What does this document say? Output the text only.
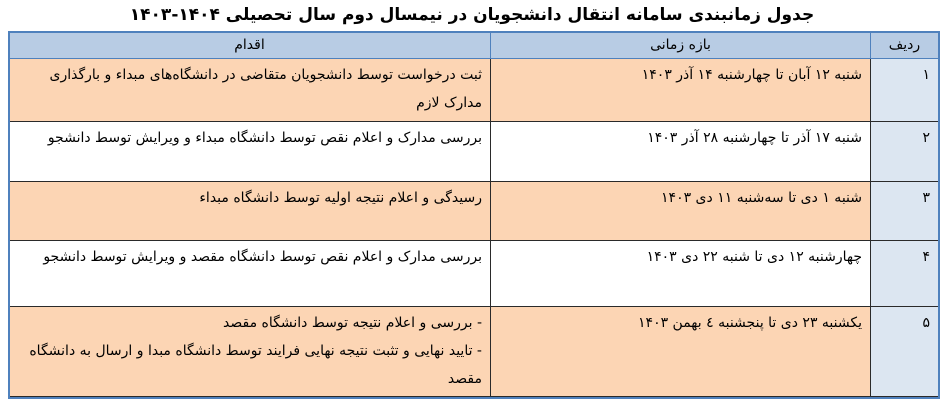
جدول زمانبندی سامانه انتقال دانشجویان در نیمسال دوم سال تحصیلی ۱۴۰۴-۱۴۰۳
ردیف	بازه زمانی	اقدام
۱	شنبه ۱۲ آبان تا چهارشنبه ۱۴ آذر ۱۴۰۳	ثبت درخواست توسط دانشجویان متقاضی در دانشگاه‌های مبداء و بارگذاری مدارک لازم
۲	شنبه ۱۷ آذر تا چهارشنبه ۲۸ آذر ۱۴۰۳	بررسی مدارک و اعلام نقص توسط دانشگاه مبداء و ویرایش توسط دانشجو
۳	شنبه ۱ دی تا سه‌شنبه ۱۱ دی ۱۴۰۳	رسیدگی و اعلام نتیجه اولیه توسط دانشگاه مبداء
۴	چهارشنبه ۱۲ دی تا شنبه ۲۲ دی ۱۴۰۳	بررسی مدارک و اعلام نقص توسط دانشگاه مقصد و ویرایش توسط دانشجو
۵	یکشنبه ۲۳ دی تا پنجشنبه ٤ بهمن ۱۴۰۳	- بررسی و اعلام نتیجه توسط دانشگاه مقصد
- تایید نهایی و تثبت نتیجه نهایی فرایند توسط دانشگاه مبدا و ارسال به دانشگاه مقصد
